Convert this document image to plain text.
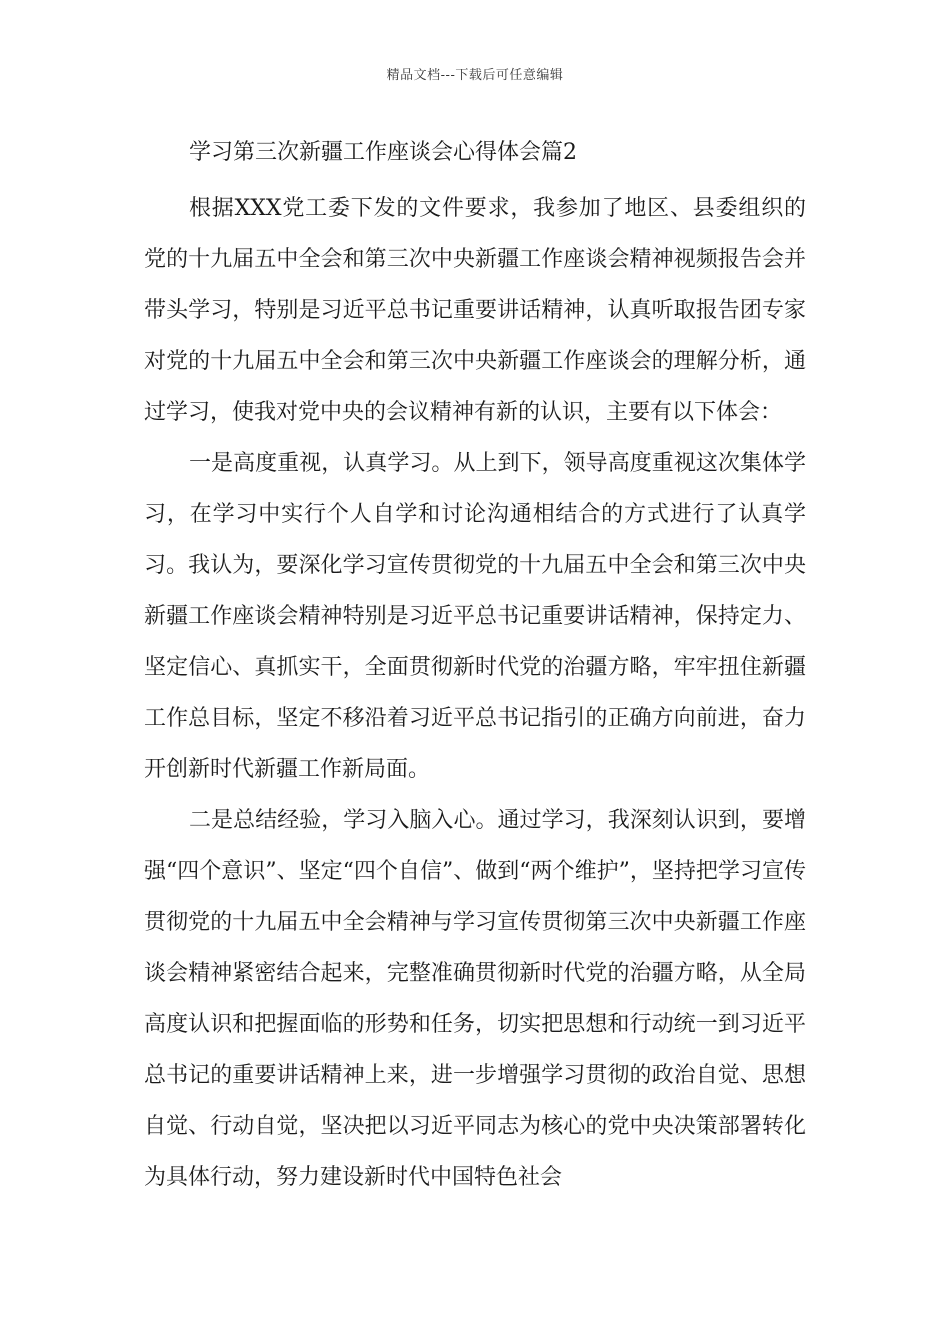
精品文档---下载后可任意编辑
学习第三次新疆工作座谈会心得体会篇2

根据XXX党工委下发的文件要求，我参加了地区、县委组织的党的十九届五中全会和第三次中央新疆工作座谈会精神视频报告会并带头学习，特别是习近平总书记重要讲话精神，认真听取报告团专家对党的十九届五中全会和第三次中央新疆工作座谈会的理解分析，通过学习，使我对党中央的会议精神有新的认识，主要有以下体会：

一是高度重视，认真学习。从上到下，领导高度重视这次集体学习，在学习中实行个人自学和讨论沟通相结合的方式进行了认真学习。我认为，要深化学习宣传贯彻党的十九届五中全会和第三次中央新疆工作座谈会精神特别是习近平总书记重要讲话精神，保持定力、坚定信心、真抓实干，全面贯彻新时代党的治疆方略，牢牢扭住新疆工作总目标，坚定不移沿着习近平总书记指引的正确方向前进，奋力开创新时代新疆工作新局面。

二是总结经验，学习入脑入心。通过学习，我深刻认识到，要增强“四个意识”、坚定“四个自信”、做到“两个维护”，坚持把学习宣传贯彻党的十九届五中全会精神与学习宣传贯彻第三次中央新疆工作座谈会精神紧密结合起来，完整准确贯彻新时代党的治疆方略，从全局高度认识和把握面临的形势和任务，切实把思想和行动统一到习近平总书记的重要讲话精神上来，进一步增强学习贯彻的政治自觉、思想自觉、行动自觉，坚决把以习近平同志为核心的党中央决策部署转化为具体行动，努力建设新时代中国特色社会
